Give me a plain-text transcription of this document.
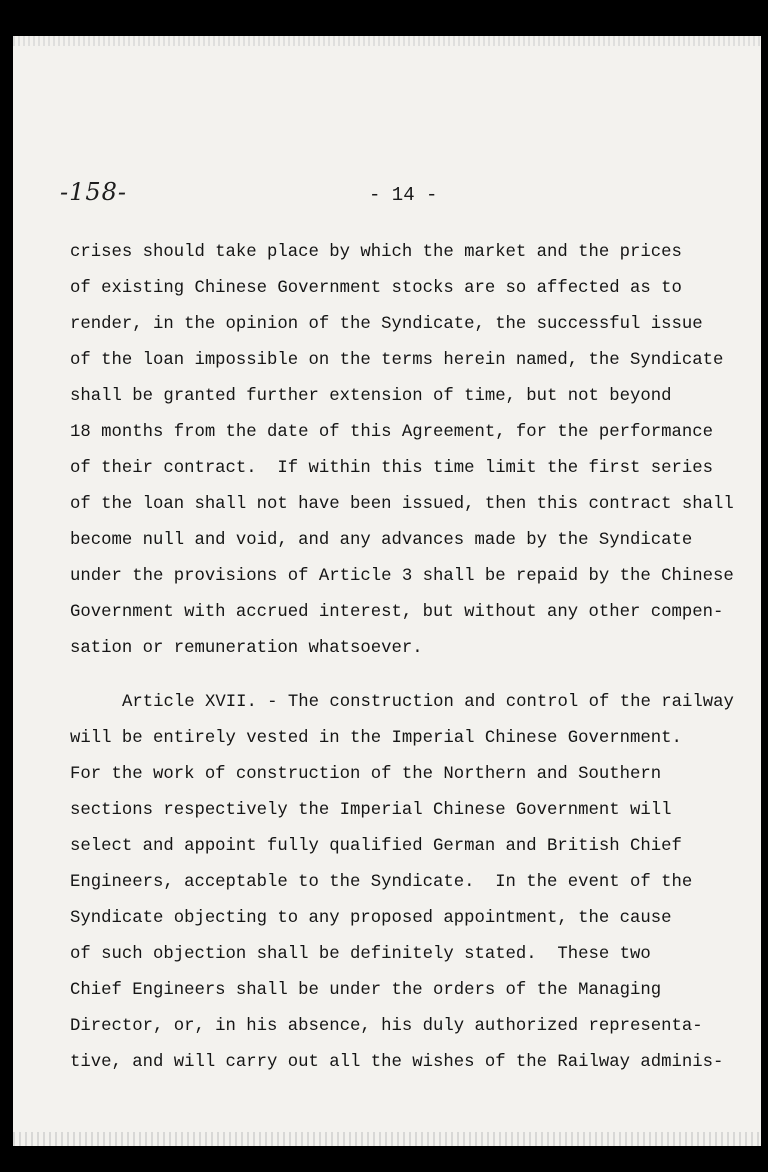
-158-	- 14 -
crises should take place by which the market and the prices
of existing Chinese Government stocks are so affected as to
render, in the opinion of the Syndicate, the successful issue
of the loan impossible on the terms herein named, the Syndicate
shall be granted further extension of time, but not beyond
18 months from the date of this Agreement, for the performance
of their contract.  If within this time limit the first series
of the loan shall not have been issued, then this contract shall
become null and void, and any advances made by the Syndicate
under the provisions of Article 3 shall be repaid by the Chinese
Government with accrued interest, but without any other compen-
sation or remuneration whatsoever.
Article XVII. - The construction and control of the railway
will be entirely vested in the Imperial Chinese Government.
For the work of construction of the Northern and Southern
sections respectively the Imperial Chinese Government will
select and appoint fully qualified German and British Chief
Engineers, acceptable to the Syndicate.  In the event of the
Syndicate objecting to any proposed appointment, the cause
of such objection shall be definitely stated.  These two
Chief Engineers shall be under the orders of the Managing
Director, or, in his absence, his duly authorized representa-
tive, and will carry out all the wishes of the Railway adminis-
